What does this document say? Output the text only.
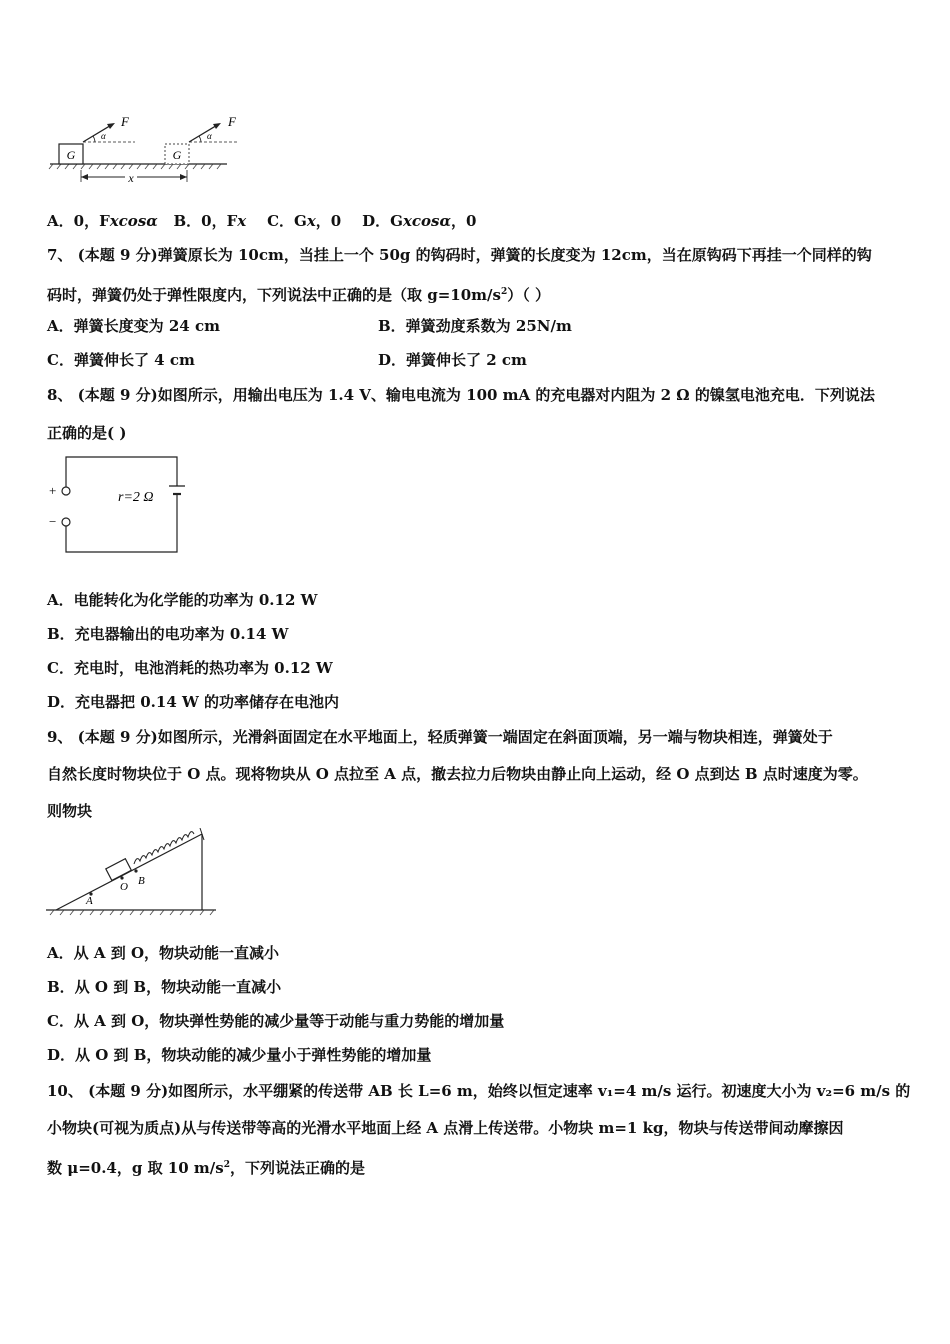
G
α
F
G
α
F
x
A．0，Fxcosα B．0，Fx C．Gx，0 D．Gxcosα，0
7、 (本题 9 分)弹簧原长为 10cm，当挂上一个 50g 的钩码时，弹簧的长度变为 12cm，当在原钩码下再挂一个同样的钩
码时，弹簧仍处于弹性限度内，下列说法中正确的是（取 $g=10m/s^2$）（ ）
A．弹簧长度变为 24 cm	B．弹簧劲度系数为 25N/m
C．弹簧伸长了 4 cm	D．弹簧伸长了 2 cm
8、 (本题 9 分)如图所示，用输出电压为 1.4 V、输电电流为 100 mA 的充电器对内阻为 2 Ω 的镍氢电池充电．下列说法
正确的是( )
+
−
r=2 Ω
A．电能转化为化学能的功率为 0.12 W
B．充电器输出的电功率为 0.14 W
C．充电时，电池消耗的热功率为 0.12 W
D．充电器把 0.14 W 的功率储存在电池内
9、 (本题 9 分)如图所示，光滑斜面固定在水平地面上，轻质弹簧一端固定在斜面顶端，另一端与物块相连，弹簧处于
自然长度时物块位于 O 点。现将物块从 O 点拉至 A 点，撤去拉力后物块由静止向上运动，经 O 点到达 B 点时速度为零。
则物块
A
O B
A．从 A 到 O，物块动能一直减小
B．从 O 到 B，物块动能一直减小
C．从 A 到 O，物块弹性势能的减少量等于动能与重力势能的增加量
D．从 O 到 B，物块动能的减少量小于弹性势能的增加量
10、 (本题 9 分)如图所示，水平绷紧的传送带 AB 长 L=6 m，始终以恒定速率 v₁=4 m/s 运行。初速度大小为 v₂=6 m/s 的
小物块(可视为质点)从与传送带等高的光滑水平地面上经 A 点滑上传送带。小物块 m=1 kg，物块与传送带间动摩擦因
数 μ=0.4，g 取 10 $m/s^2$，下列说法正确的是
